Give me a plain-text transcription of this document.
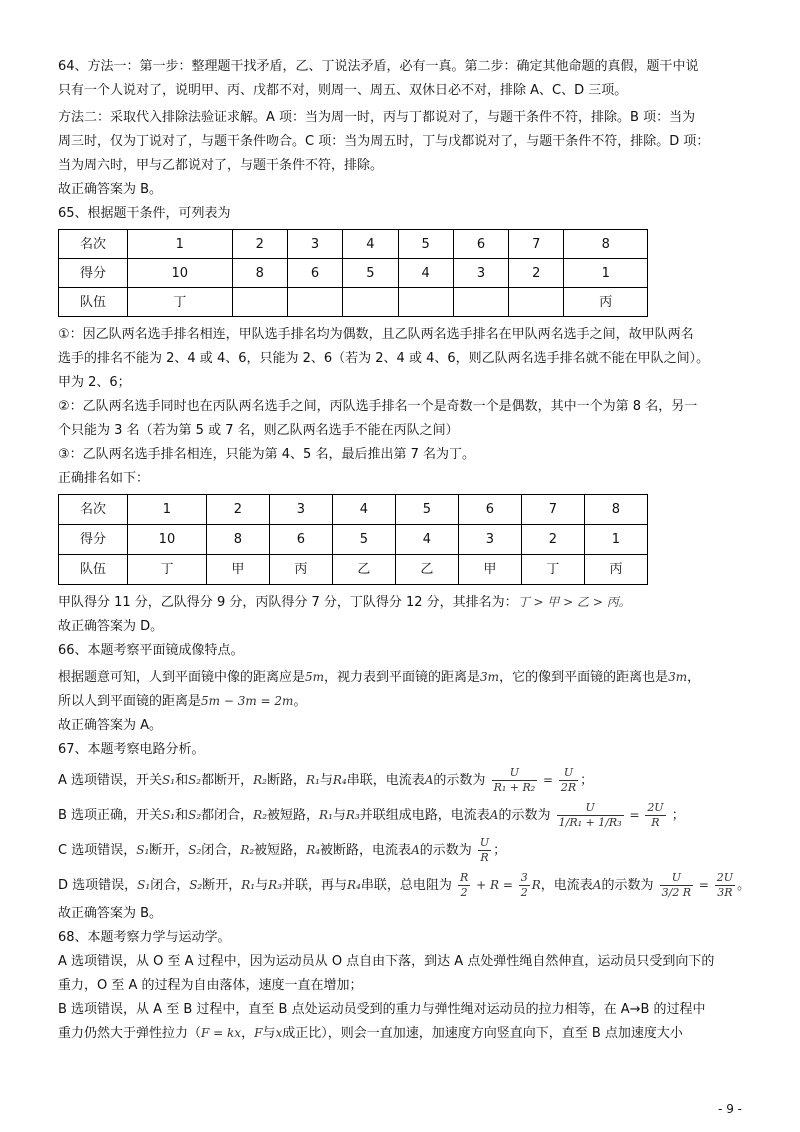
64、方法一：第一步：整理题干找矛盾，乙、丁说法矛盾，必有一真。第二步：确定其他命题的真假，题干中说

只有一个人说对了，说明甲、丙、戊都不对，则周一、周五、双休日必不对，排除 A、C、D 三项。

方法二：采取代入排除法验证求解。A 项：当为周一时，丙与丁都说对了，与题干条件不符，排除。B 项：当为

周三时，仅为丁说对了，与题干条件吻合。C 项：当为周五时，丁与戊都说对了，与题干条件不符，排除。D 项：

当为周六时，甲与乙都说对了，与题干条件不符，排除。

故正确答案为 B。

65、根据题干条件，可列表为

名次	1	2	3	4	5	6	7	8
得分	10	8	6	5	4	3	2	1
队伍	丁							丙

①：因乙队两名选手排名相连，甲队选手排名均为偶数，且乙队两名选手排名在甲队两名选手之间，故甲队两名

选手的排名不能为 2、4 或 4、6，只能为 2、6（若为 2、4 或 4、6，则乙队两名选手排名就不能在甲队之间）。

甲为 2、6；

②：乙队两名选手同时也在丙队两名选手之间，丙队选手排名一个是奇数一个是偶数，其中一个为第 8 名，另一

个只能为 3 名（若为第 5 或 7 名，则乙队两名选手不能在丙队之间）

③：乙队两名选手排名相连，只能为第 4、5 名，最后推出第 7 名为丁。

正确排名如下：

名次	1	2	3	4	5	6	7	8
得分	10	8	6	5	4	3	2	1
队伍	丁	甲	丙	乙	乙	甲	丁	丙

甲队得分 11 分，乙队得分 9 分，丙队得分 7 分，丁队得分 12 分，其排名为：丁 > 甲 > 乙 > 丙。

故正确答案为 D。

66、本题考察平面镜成像特点。

根据题意可知，人到平面镜中像的距离应是5m，视力表到平面镜的距离是3m，它的像到平面镜的距离也是3m，

所以人到平面镜的距离是5m − 3m = 2m。

故正确答案为 A。

67、本题考察电路分析。

A 选项错误，开关S₁和S₂都断开，R₂断路，R₁与R₄串联，电流表A的示数为 $\frac{U}{\text{R₁ + R₂}} = \frac{U}{2R}$ ；

B 选项正确，开关S₁和S₂都闭合，R₂被短路，R₁与R₃并联组成电路，电流表A的示数为 $\frac{U}{\text{1/R₁ + 1/R₃}} = \frac{2U}{R}$ ；

C 选项错误，S₁断开，S₂闭合，R₂被短路，R₄被断路，电流表A的示数为 $\frac{U}{R}$ ；

D 选项错误，S₁闭合，S₂断开，R₁与R₃并联，再与R₄串联，总电阻为 $\frac{R}{2} + R = \frac{3}{2}$ R，电流表A的示数为 $\frac{U}{3/2 R} = \frac{2U}{3R}$ 。

故正确答案为 B。

68、本题考察力学与运动学。

A 选项错误，从 O 至 A 过程中，因为运动员从 O 点自由下落，到达 A 点处弹性绳自然伸直，运动员只受到向下的

重力，O 至 A 的过程为自由落体，速度一直在增加；

B 选项错误，从 A 至 B 过程中，直至 B 点处运动员受到的重力与弹性绳对运动员的拉力相等，在 A→B 的过程中

重力仍然大于弹性拉力（F = kx，F与x成正比），则会一直加速，加速度方向竖直向下，直至 B 点加速度大小

- 9 -
